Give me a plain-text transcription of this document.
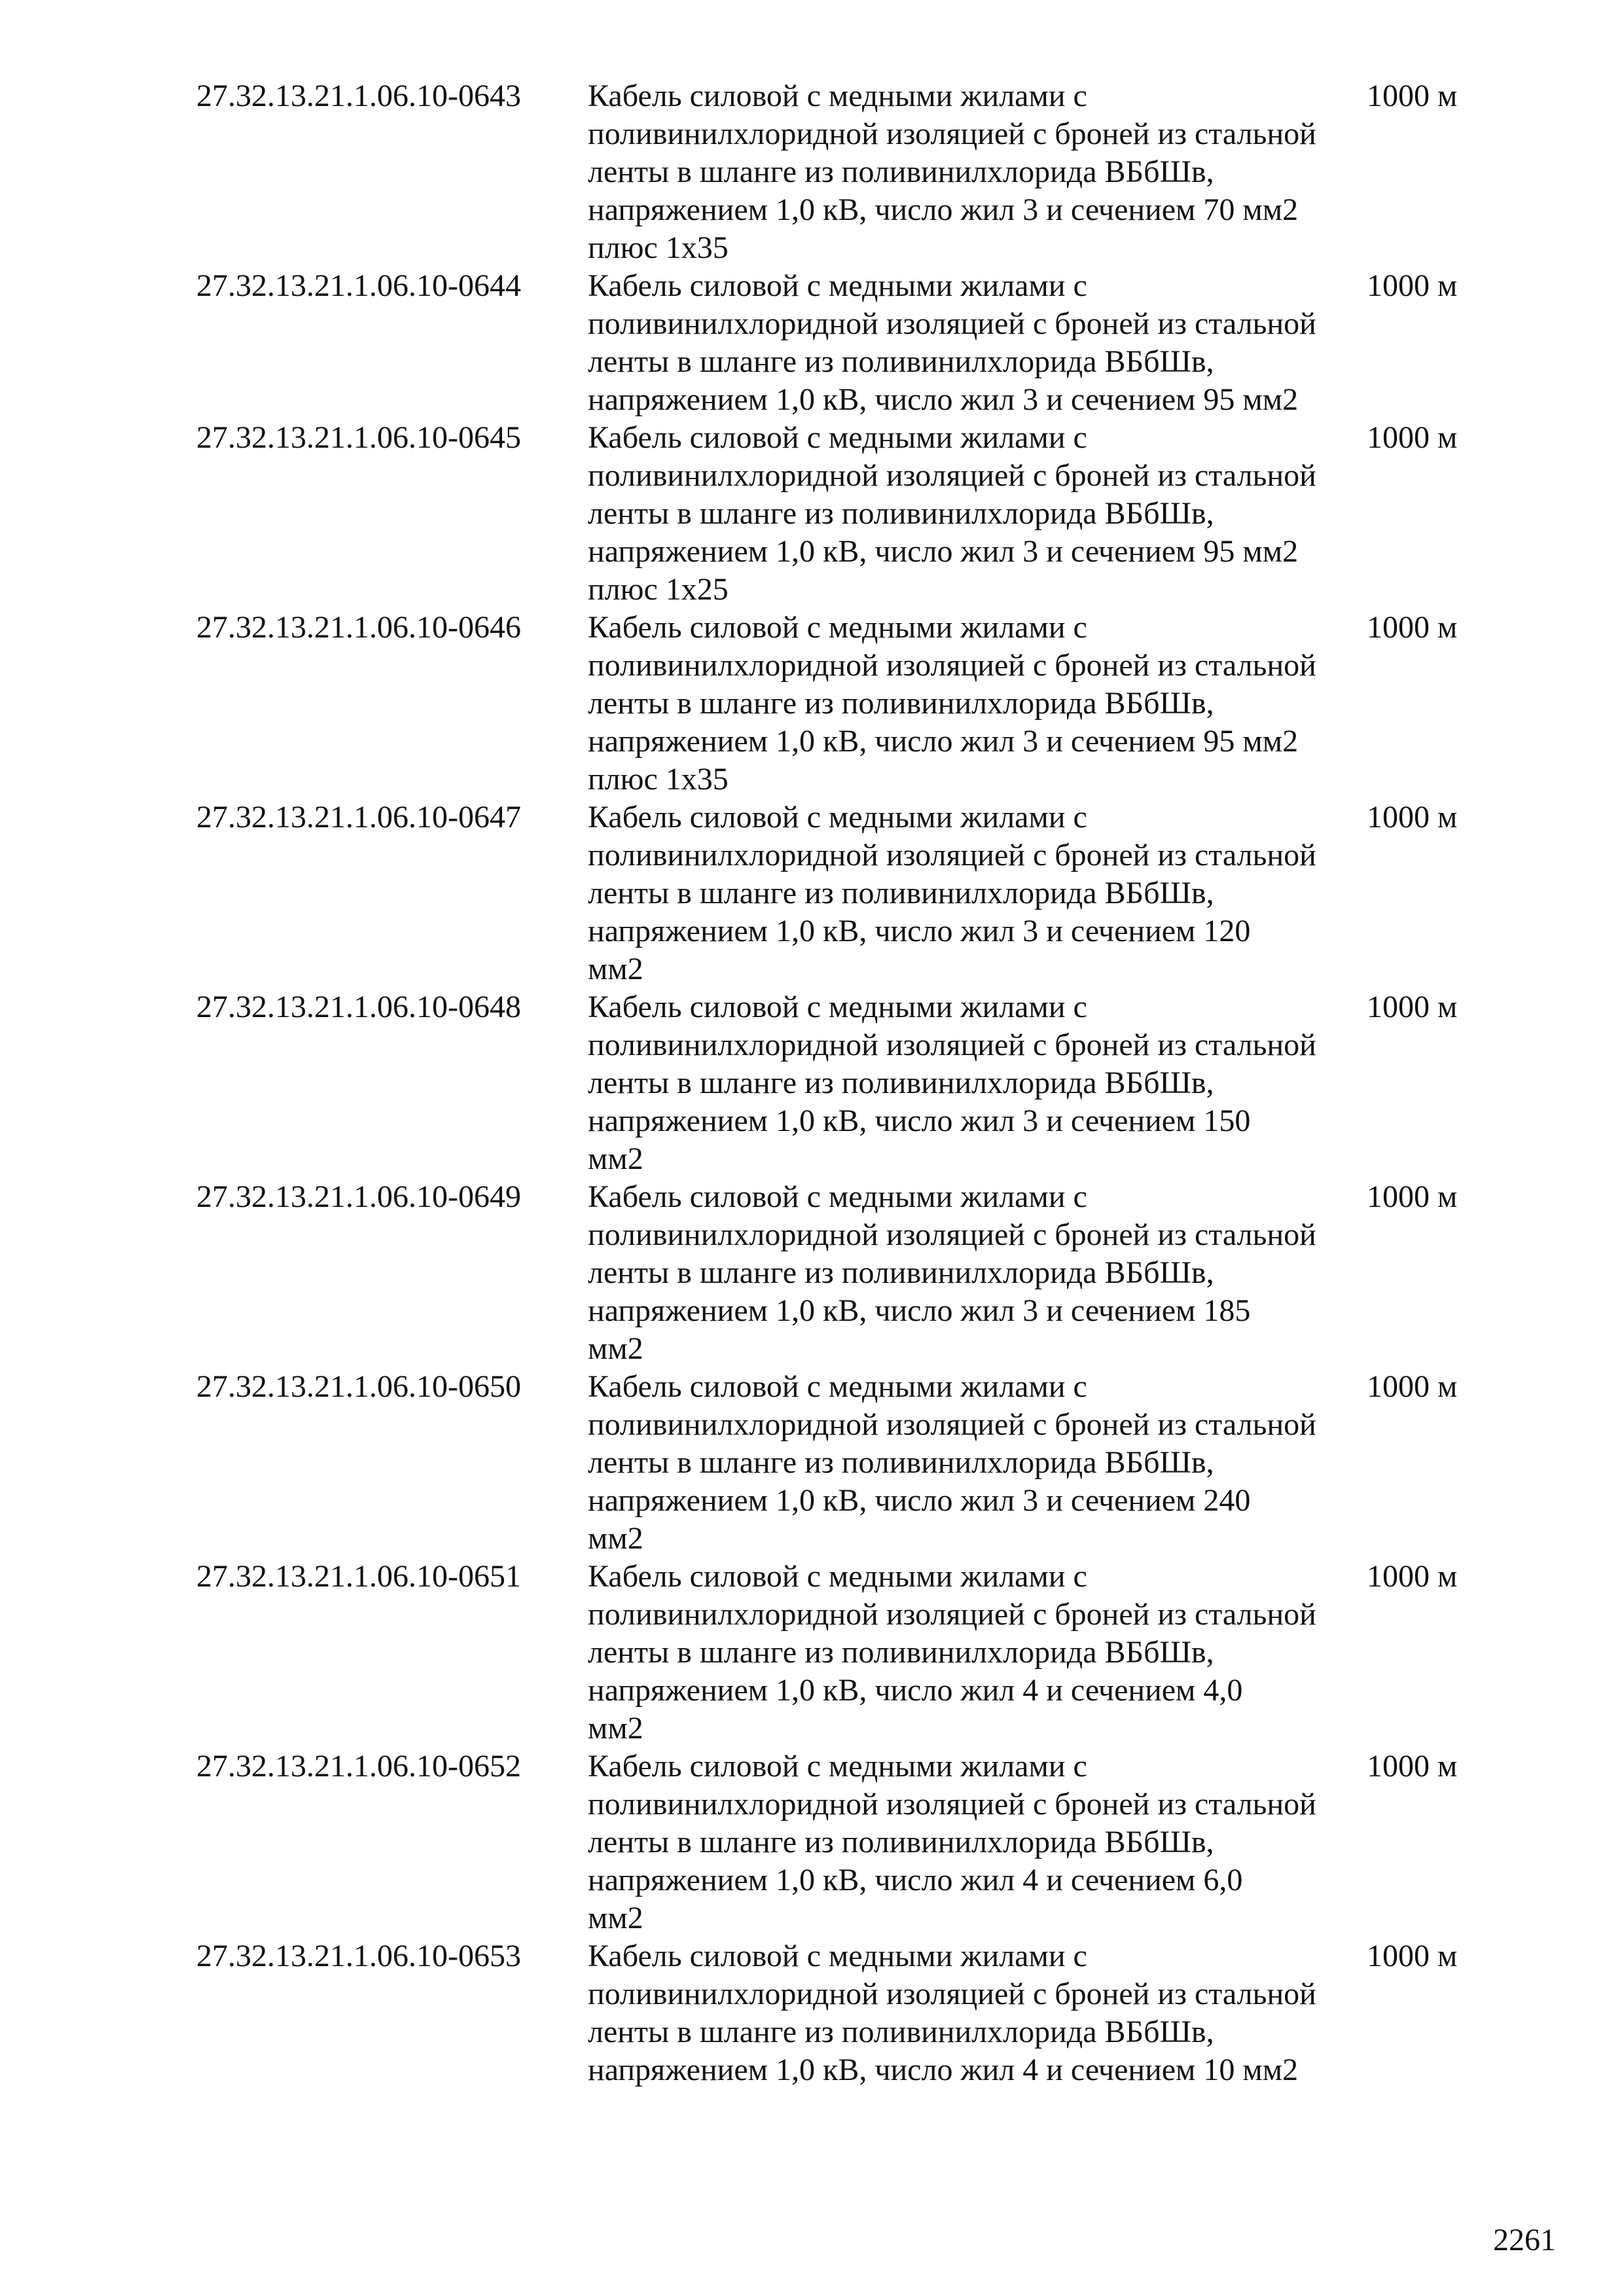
27.32.13.21.1.06.10-0643	Кабель силовой с медными жилами с
поливинилхлоридной изоляцией с броней из стальной
ленты в шланге из поливинилхлорида ВБбШв,
напряжением 1,0 кВ, число жил 3 и сечением 70 мм2
плюс 1х35
1000 м
27.32.13.21.1.06.10-0644	Кабель силовой с медными жилами с
поливинилхлоридной изоляцией с броней из стальной
ленты в шланге из поливинилхлорида ВБбШв,
напряжением 1,0 кВ, число жил 3 и сечением 95 мм2
1000 м
27.32.13.21.1.06.10-0645	Кабель силовой с медными жилами с
поливинилхлоридной изоляцией с броней из стальной
ленты в шланге из поливинилхлорида ВБбШв,
напряжением 1,0 кВ, число жил 3 и сечением 95 мм2
плюс 1х25
1000 м
27.32.13.21.1.06.10-0646	Кабель силовой с медными жилами с
поливинилхлоридной изоляцией с броней из стальной
ленты в шланге из поливинилхлорида ВБбШв,
напряжением 1,0 кВ, число жил 3 и сечением 95 мм2
плюс 1х35
1000 м
27.32.13.21.1.06.10-0647	Кабель силовой с медными жилами с
поливинилхлоридной изоляцией с броней из стальной
ленты в шланге из поливинилхлорида ВБбШв,
напряжением 1,0 кВ, число жил 3 и сечением 120
мм2
1000 м
27.32.13.21.1.06.10-0648	Кабель силовой с медными жилами с
поливинилхлоридной изоляцией с броней из стальной
ленты в шланге из поливинилхлорида ВБбШв,
напряжением 1,0 кВ, число жил 3 и сечением 150
мм2
1000 м
27.32.13.21.1.06.10-0649	Кабель силовой с медными жилами с
поливинилхлоридной изоляцией с броней из стальной
ленты в шланге из поливинилхлорида ВБбШв,
напряжением 1,0 кВ, число жил 3 и сечением 185
мм2
1000 м
27.32.13.21.1.06.10-0650	Кабель силовой с медными жилами с
поливинилхлоридной изоляцией с броней из стальной
ленты в шланге из поливинилхлорида ВБбШв,
напряжением 1,0 кВ, число жил 3 и сечением 240
мм2
1000 м
27.32.13.21.1.06.10-0651	Кабель силовой с медными жилами с
поливинилхлоридной изоляцией с броней из стальной
ленты в шланге из поливинилхлорида ВБбШв,
напряжением 1,0 кВ, число жил 4 и сечением 4,0
мм2
1000 м
27.32.13.21.1.06.10-0652	Кабель силовой с медными жилами с
поливинилхлоридной изоляцией с броней из стальной
ленты в шланге из поливинилхлорида ВБбШв,
напряжением 1,0 кВ, число жил 4 и сечением 6,0
мм2
1000 м
27.32.13.21.1.06.10-0653	Кабель силовой с медными жилами с
поливинилхлоридной изоляцией с броней из стальной
ленты в шланге из поливинилхлорида ВБбШв,
напряжением 1,0 кВ, число жил 4 и сечением 10 мм2
1000 м
2261
